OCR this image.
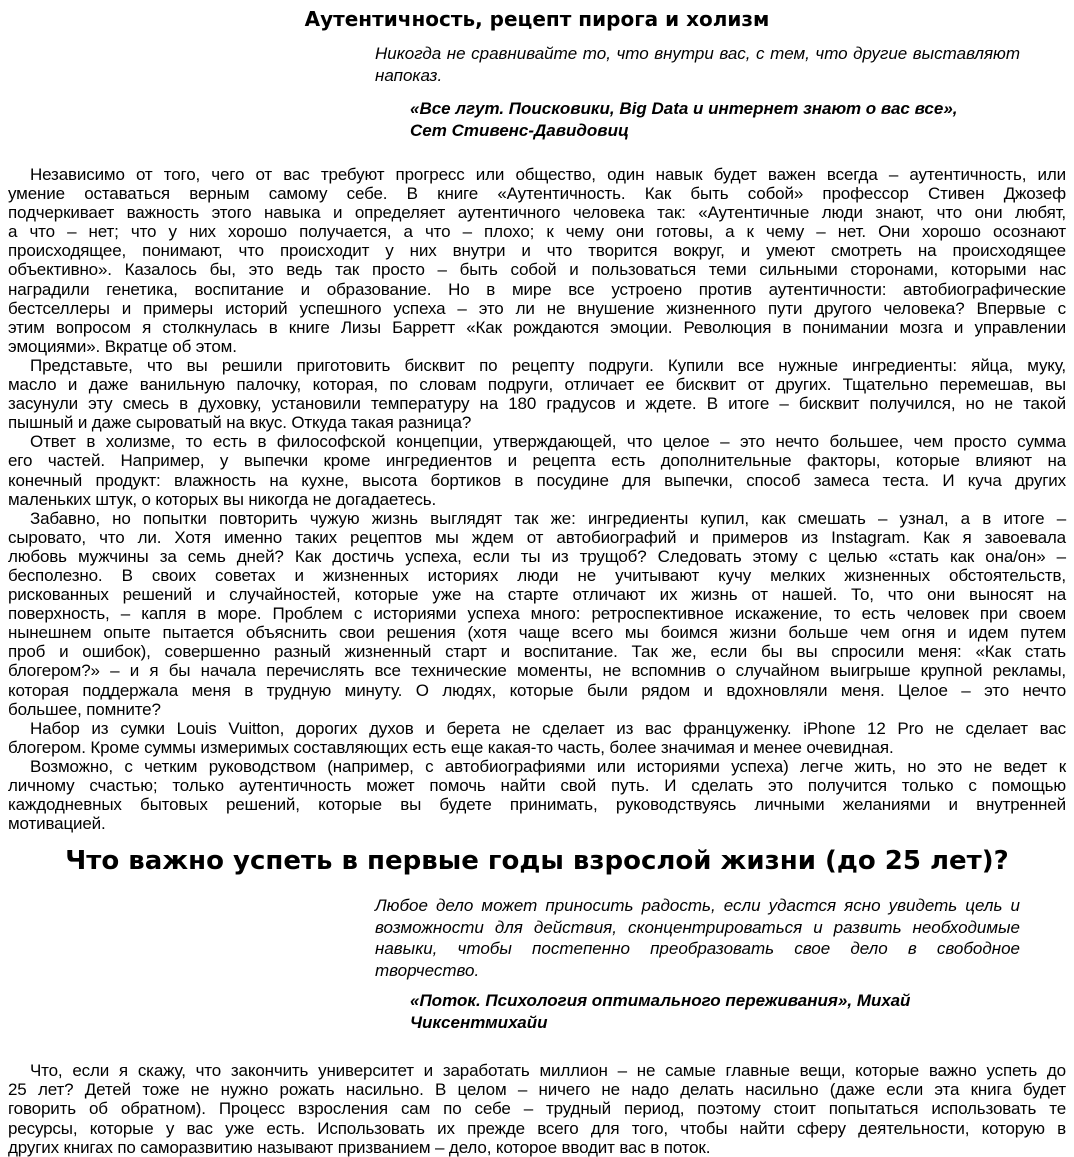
Аутентичность, рецепт пирога и холизм
Никогда не сравнивайте то, что внутри вас, с тем, что другие выставляют
напоказ.
«Все лгут. Поисковики, Big Data и интернет знают о вас все»,
Сет Стивенс-Давидовиц
Независимо от того, чего от вас требуют прогресс или общество, один навык будет важен всегда – аутентичность, или
умение оставаться верным самому себе. В книге «Аутентичность. Как быть собой» профессор Стивен Джозеф
подчеркивает важность этого навыка и определяет аутентичного человека так: «Аутентичные люди знают, что они любят,
а что – нет; что у них хорошо получается, а что – плохо; к чему они готовы, а к чему – нет. Они хорошо осознают
происходящее, понимают, что происходит у них внутри и что творится вокруг, и умеют смотреть на происходящее
объективно». Казалось бы, это ведь так просто – быть собой и пользоваться теми сильными сторонами, которыми нас
наградили генетика, воспитание и образование. Но в мире все устроено против аутентичности: автобиографические
бестселлеры и примеры историй успешного успеха – это ли не внушение жизненного пути другого человека? Впервые с
этим вопросом я столкнулась в книге Лизы Барретт «Как рождаются эмоции. Революция в понимании мозга и управлении
эмоциями». Вкратце об этом.
Представьте, что вы решили приготовить бисквит по рецепту подруги. Купили все нужные ингредиенты: яйца, муку,
масло и даже ванильную палочку, которая, по словам подруги, отличает ее бисквит от других. Тщательно перемешав, вы
засунули эту смесь в духовку, установили температуру на 180 градусов и ждете. В итоге – бисквит получился, но не такой
пышный и даже сыроватый на вкус. Откуда такая разница?
Ответ в холизме, то есть в философской концепции, утверждающей, что целое – это нечто большее, чем просто сумма
его частей. Например, у выпечки кроме ингредиентов и рецепта есть дополнительные факторы, которые влияют на
конечный продукт: влажность на кухне, высота бортиков в посудине для выпечки, способ замеса теста. И куча других
маленьких штук, о которых вы никогда не догадаетесь.
Забавно, но попытки повторить чужую жизнь выглядят так же: ингредиенты купил, как смешать – узнал, а в итоге –
сыровато, что ли. Хотя именно таких рецептов мы ждем от автобиографий и примеров из Instagram. Как я завоевала
любовь мужчины за семь дней? Как достичь успеха, если ты из трущоб? Следовать этому с целью «стать как она/он» –
бесполезно. В своих советах и жизненных историях люди не учитывают кучу мелких жизненных обстоятельств,
рискованных решений и случайностей, которые уже на старте отличают их жизнь от нашей. То, что они выносят на
поверхность, – капля в море. Проблем с историями успеха много: ретроспективное искажение, то есть человек при своем
нынешнем опыте пытается объяснить свои решения (хотя чаще всего мы боимся жизни больше чем огня и идем путем
проб и ошибок), совершенно разный жизненный старт и воспитание. Так же, если бы вы спросили меня: «Как стать
блогером?» – и я бы начала перечислять все технические моменты, не вспомнив о случайном выигрыше крупной рекламы,
которая поддержала меня в трудную минуту. О людях, которые были рядом и вдохновляли меня. Целое – это нечто
большее, помните?
Набор из сумки Louis Vuitton, дорогих духов и берета не сделает из вас француженку. iPhone 12 Pro не сделает вас
блогером. Кроме суммы измеримых составляющих есть еще какая-то часть, более значимая и менее очевидная.
Возможно, с четким руководством (например, с автобиографиями или историями успеха) легче жить, но это не ведет к
личному счастью; только аутентичность может помочь найти свой путь. И сделать это получится только с помощью
каждодневных бытовых решений, которые вы будете принимать, руководствуясь личными желаниями и внутренней
мотивацией.
Что важно успеть в первые годы взрослой жизни (до 25 лет)?
Любое дело может приносить радость, если удастся ясно увидеть цель и
возможности для действия, сконцентрироваться и развить необходимые
навыки, чтобы постепенно преобразовать свое дело в свободное
творчество.
«Поток. Психология оптимального переживания», Михай
Чиксентмихайи
Что, если я скажу, что закончить университет и заработать миллион – не самые главные вещи, которые важно успеть до
25 лет? Детей тоже не нужно рожать насильно. В целом – ничего не надо делать насильно (даже если эта книга будет
говорить об обратном). Процесс взросления сам по себе – трудный период, поэтому стоит попытаться использовать те
ресурсы, которые у вас уже есть. Использовать их прежде всего для того, чтобы найти сферу деятельности, которую в
других книгах по саморазвитию называют призванием – дело, которое вводит вас в поток.
